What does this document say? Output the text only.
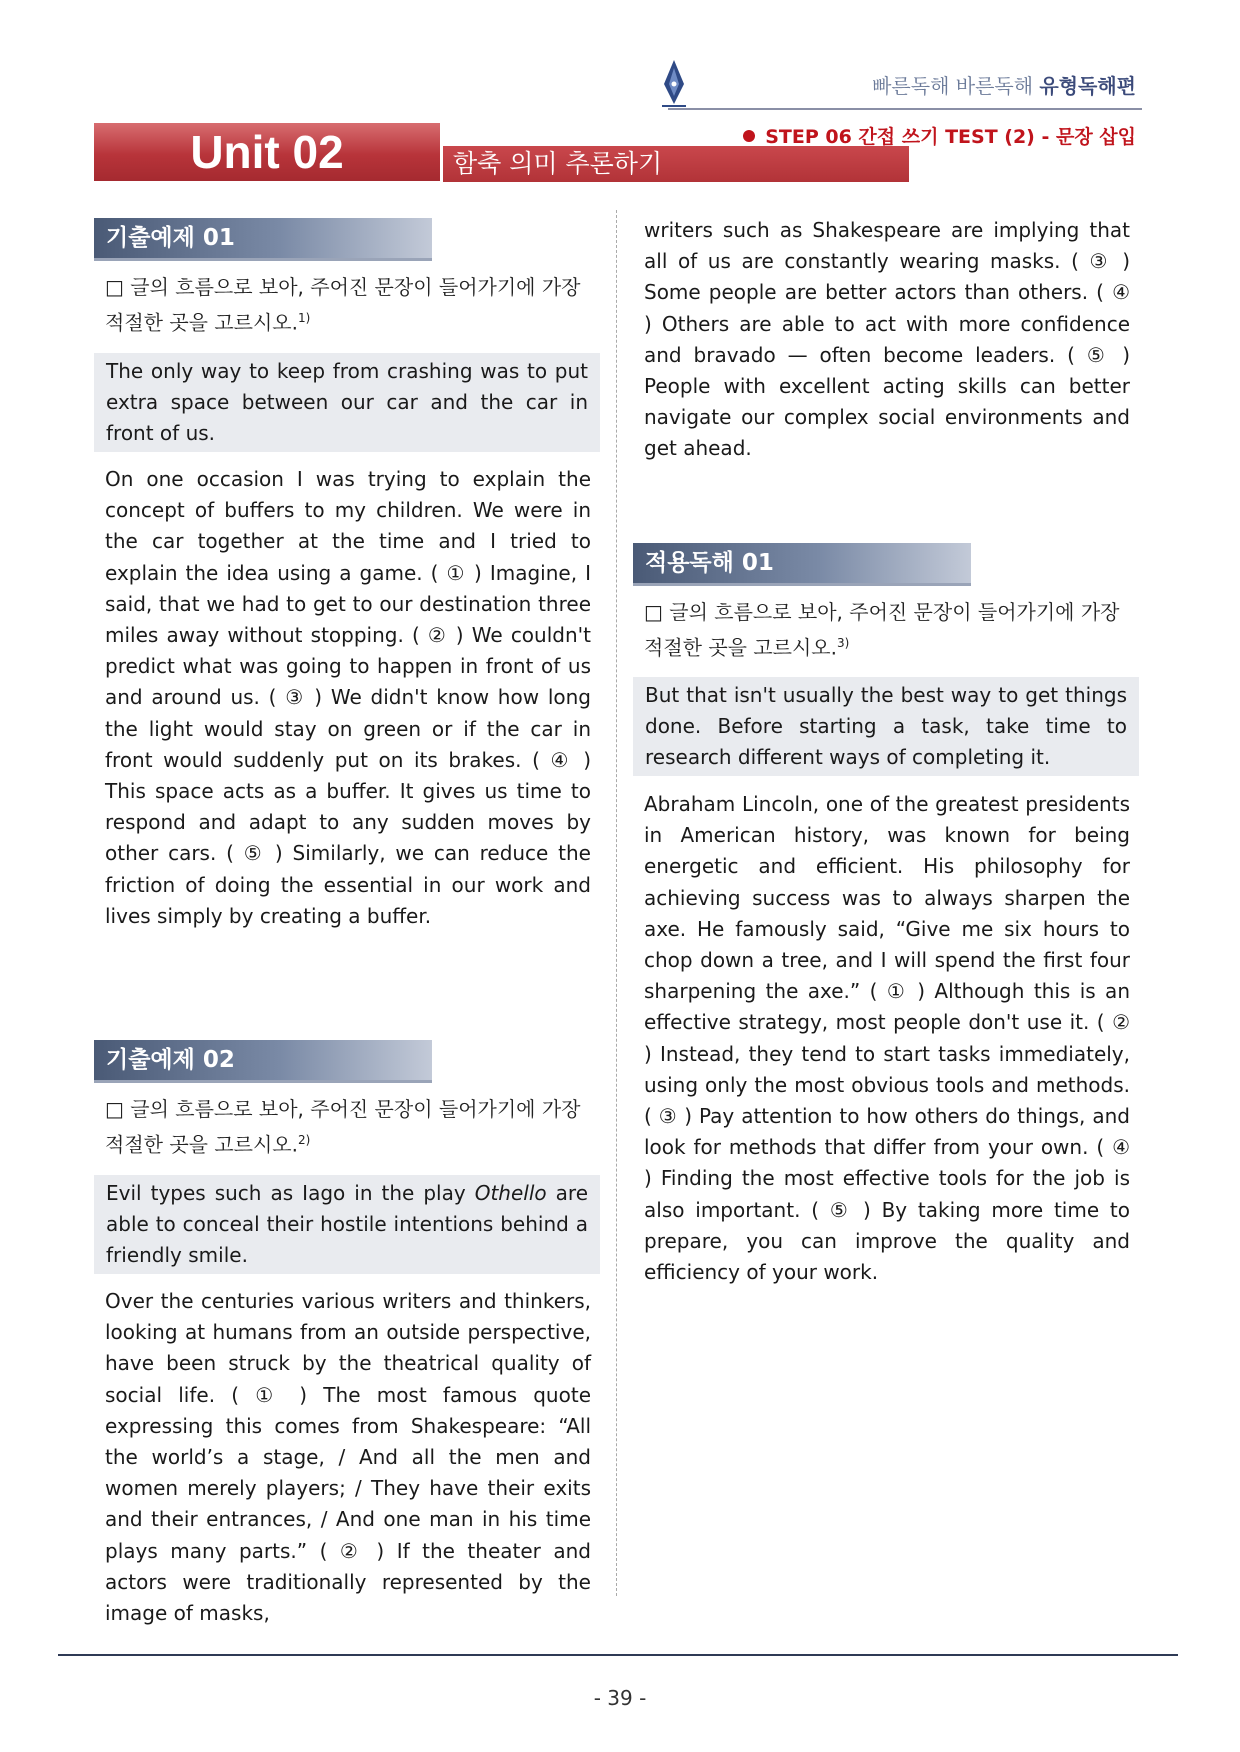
빠른독해 바른독해 유형독해편
Unit 02	함축 의미 추론하기
STEP 06 간접 쓰기 TEST (2) - 문장 삽입
기출예제 01
□ 글의 흐름으로 보아, 주어진 문장이 들어가기에 가장 적절한 곳을 고르시오.$^{1)}$
The only way to keep from crashing was to put extra space between our car and the car in front of us.
On one occasion I was trying to explain the concept of buffers to my children. We were in the car together at the time and I tried to explain the idea using a game. ( ① ) Imagine, I said, that we had to get to our destination three miles away without stopping. ( ② ) We couldn't predict what was going to happen in front of us and around us. ( ③ ) We didn't know how long the light would stay on green or if the car in front would suddenly put on its brakes. ( ④ ) This space acts as a buffer. It gives us time to respond and adapt to any sudden moves by other cars. ( ⑤ ) Similarly, we can reduce the friction of doing the essential in our work and lives simply by creating a buffer.
기출예제 02
□ 글의 흐름으로 보아, 주어진 문장이 들어가기에 가장 적절한 곳을 고르시오.$^{2)}$
Evil types such as Iago in the play Othello are able to conceal their hostile intentions behind a friendly smile.
Over the centuries various writers and thinkers, looking at humans from an outside perspective, have been struck by the theatrical quality of social life. ( ① ) The most famous quote expressing this comes from Shakespeare: “All the world’s a stage, / And all the men and women merely players; / They have their exits and their entrances, / And one man in his time plays many parts.” ( ② ) If the theater and actors were traditionally represented by the image of masks,
writers such as Shakespeare are implying that all of us are constantly wearing masks. ( ③ ) Some people are better actors than others. ( ④ ) Others are able to act with more confidence and bravado — often become leaders. ( ⑤ ) People with excellent acting skills can better navigate our complex social environments and get ahead.
적용독해 01
□ 글의 흐름으로 보아, 주어진 문장이 들어가기에 가장 적절한 곳을 고르시오.$^{3)}$
But that isn't usually the best way to get things done. Before starting a task, take time to research different ways of completing it.
Abraham Lincoln, one of the greatest presidents in American history, was known for being energetic and efficient. His philosophy for achieving success was to always sharpen the axe. He famously said, “Give me six hours to chop down a tree, and I will spend the first four sharpening the axe.” ( ① ) Although this is an effective strategy, most people don't use it. ( ② ) Instead, they tend to start tasks immediately, using only the most obvious tools and methods. ( ③ ) Pay attention to how others do things, and look for methods that differ from your own. ( ④ ) Finding the most effective tools for the job is also important. ( ⑤ ) By taking more time to prepare, you can improve the quality and efficiency of your work.
- 39 -
